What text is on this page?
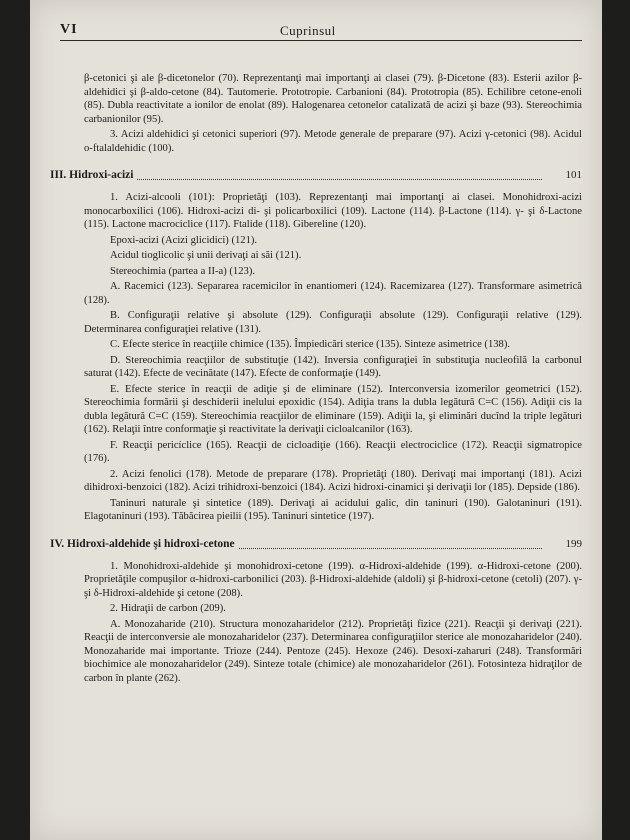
VI	Cuprinsul

β-cetonici şi ale β-dicetonelor (70). Reprezentanţi mai importanţi ai clasei (79). β-Dicetone (83). Esterii azilor β-aldehidici şi β-aldo-cetone (84). Tautomerie. Prototropie. Carbanioni (84). Prototropia (85). Echilibre cetone-enoli (85). Dubla reactivitate a ionilor de enolat (89). Halogenarea cetonelor catalizată de acizi şi baze (93). Stereochimia carbanionilor (95).

3. Acizi aldehidici şi cetonici superiori (97). Metode generale de preparare (97). Acizi γ-cetonici (98). Acidul o-ftalaldehidic (100).

III. Hidroxi-acizi	101

1. Acizi-alcooli (101): Proprietăţi (103). Reprezentanţi mai importanţi ai clasei. Monohidroxi-acizi monocarboxilici (106). Hidroxi-acizi di- şi policarboxilici (109). Lactone (114). β-Lactone (114). γ- şi δ-Lactone (115). Lactone macrociclice (117). Ftalide (118). Gibereline (120).

Epoxi-acizi (Acizi glicidici) (121).

Acidul tioglicolic şi unii derivaţi ai săi (121).

Stereochimia (partea a II-a) (123).

A. Racemici (123). Separarea racemicilor în enantiomeri (124). Racemizarea (127). Transformare asimetrică (128).

B. Configuraţii relative şi absolute (129). Configuraţii absolute (129). Configuraţii relative (129). Determinarea configuraţiei relative (131).

C. Efecte sterice în reacţiile chimice (135). Împiedicări sterice (135). Sinteze asimetrice (138).

D. Stereochimia reacţiilor de substituţie (142). Inversia configuraţiei în substituţia nucleofilă la carbonul saturat (142). Efecte de vecinătate (147). Efecte de conformaţie (149).

E. Efecte sterice în reacţii de adiţie şi de eliminare (152). Interconversia izomerilor geometrici (152). Stereochimia formării şi deschiderii inelului epoxidic (154). Adiţia trans la dubla legătură C=C (156). Adiţii cis la dubla legătură C=C (159). Stereochimia reacţiilor de eliminare (159). Adiţii la, şi eliminări ducînd la triple legături (162). Relaţii între conformaţie şi reactivitate la derivaţii cicloalcanilor (163).

F. Reacţii pericíclice (165). Reacţii de cicloadiţie (166). Reacţii electrociclice (172). Reacţii sigmatropice (176).

2. Acizi fenolici (178). Metode de preparare (178). Proprietăţi (180). Derivaţi mai importanţi (181). Acizi dihidroxi-benzoici (182). Acizi trihidroxi-benzoici (184). Acizi hidroxi-cinamici şi derivaţii lor (185). Depside (186).

Taninuri naturale şi sintetice (189). Derivaţi ai acidului galic, din taninuri (190). Galotaninuri (191). Elagotaninuri (193). Tăbăcirea pieilii (195). Taninuri sintetice (197).

IV. Hidroxi-aldehide şi hidroxi-cetone	199

1. Monohidroxi-aldehide şi monohidroxi-cetone (199). α-Hidroxi-aldehide (199). α-Hidroxi-cetone (200). Proprietăţile compuşilor α-hidroxi-carbonilici (203). β-Hidroxi-aldehide (aldoli) şi β-hidroxi-cetone (cetoli) (207). γ- şi δ-Hidroxi-aldehide şi cetone (208).

2. Hidraţii de carbon (209).

A. Monozaharide (210). Structura monozaharidelor (212). Proprietăţi fizice (221). Reacţii şi derivaţi (221). Reacţii de interconversie ale monozaharidelor (237). Determinarea configuraţiilor sterice ale monozaharidelor (240). Monozaharide mai importante. Trioze (244). Pentoze (245). Hexoze (246). Desoxi-zaharuri (248). Transformări biochimice ale monozaharidelor (249). Sinteze totale (chimice) ale monozaharidelor (261). Fotosinteza hidraţilor de carbon în plante (262).
